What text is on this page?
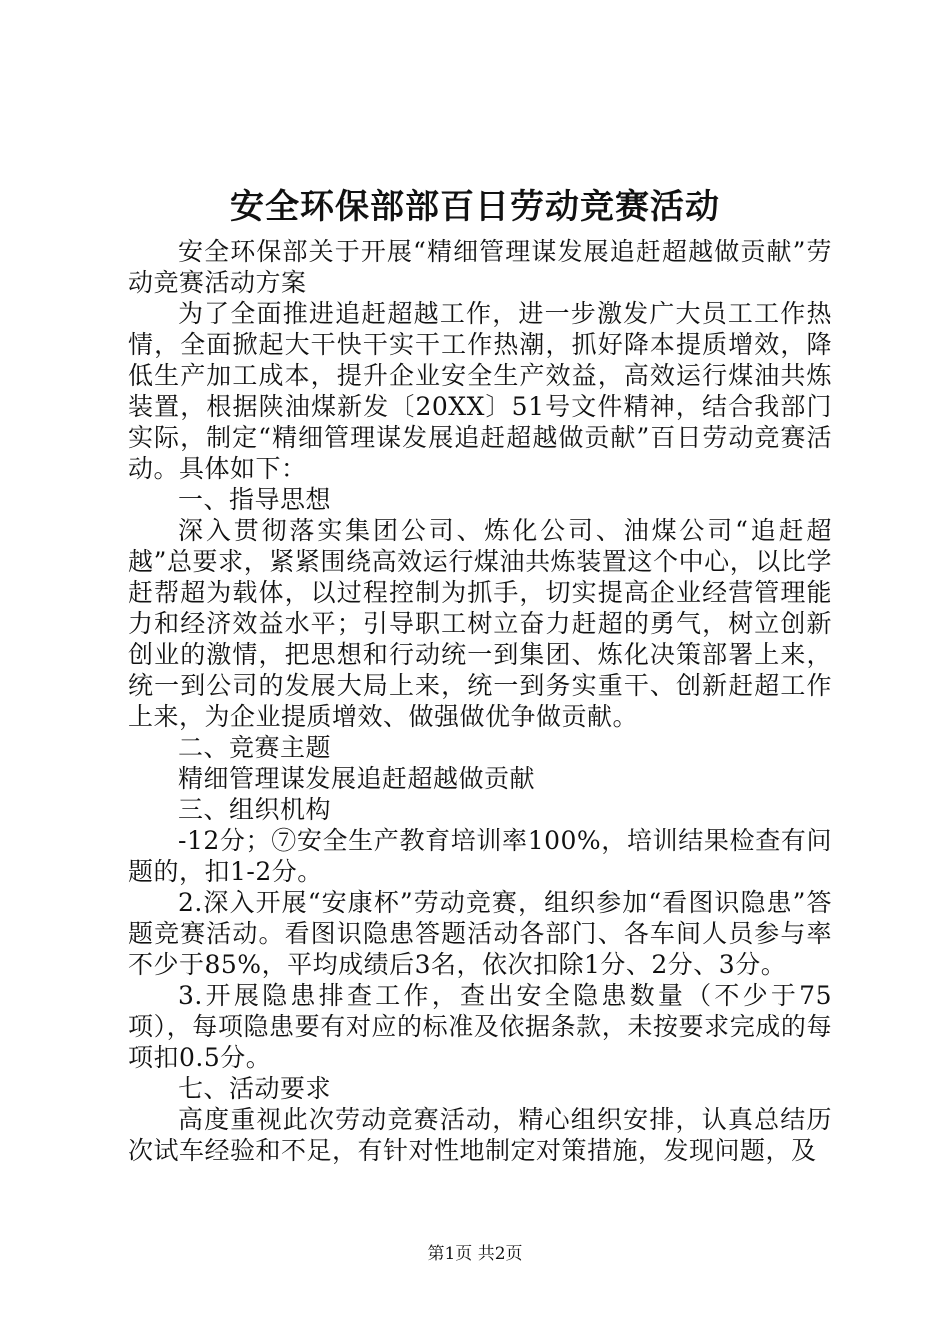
安全环保部部百日劳动竞赛活动

安全环保部关于开展“精细管理谋发展追赶超越做贡献”劳动竞赛活动方案

为了全面推进追赶超越工作，进一步激发广大员工工作热情，全面掀起大干快干实干工作热潮，抓好降本提质增效，降低生产加工成本，提升企业安全生产效益，高效运行煤油共炼装置，根据陕油煤新发〔20XX〕51号文件精神，结合我部门实际，制定“精细管理谋发展追赶超越做贡献”百日劳动竞赛活动。具体如下：

一、指导思想

深入贯彻落实集团公司、炼化公司、油煤公司“追赶超越”总要求，紧紧围绕高效运行煤油共炼装置这个中心，以比学赶帮超为载体，以过程控制为抓手，切实提高企业经营管理能力和经济效益水平；引导职工树立奋力赶超的勇气，树立创新创业的激情，把思想和行动统一到集团、炼化决策部署上来，统一到公司的发展大局上来，统一到务实重干、创新赶超工作上来，为企业提质增效、做强做优争做贡献。

二、竞赛主题

精细管理谋发展追赶超越做贡献

三、组织机构

-12分；⑦安全生产教育培训率100%，培训结果检查有问题的，扣1-2分。

2.深入开展“安康杯”劳动竞赛，组织参加“看图识隐患”答题竞赛活动。看图识隐患答题活动各部门、各车间人员参与率不少于85%，平均成绩后3名，依次扣除1分、2分、3分。

3.开展隐患排查工作，查出安全隐患数量（不少于75项），每项隐患要有对应的标准及依据条款，未按要求完成的每项扣0.5分。

七、活动要求

高度重视此次劳动竞赛活动，精心组织安排，认真总结历次试车经验和不足，有针对性地制定对策措施，发现问题，及

第1页 共2页
